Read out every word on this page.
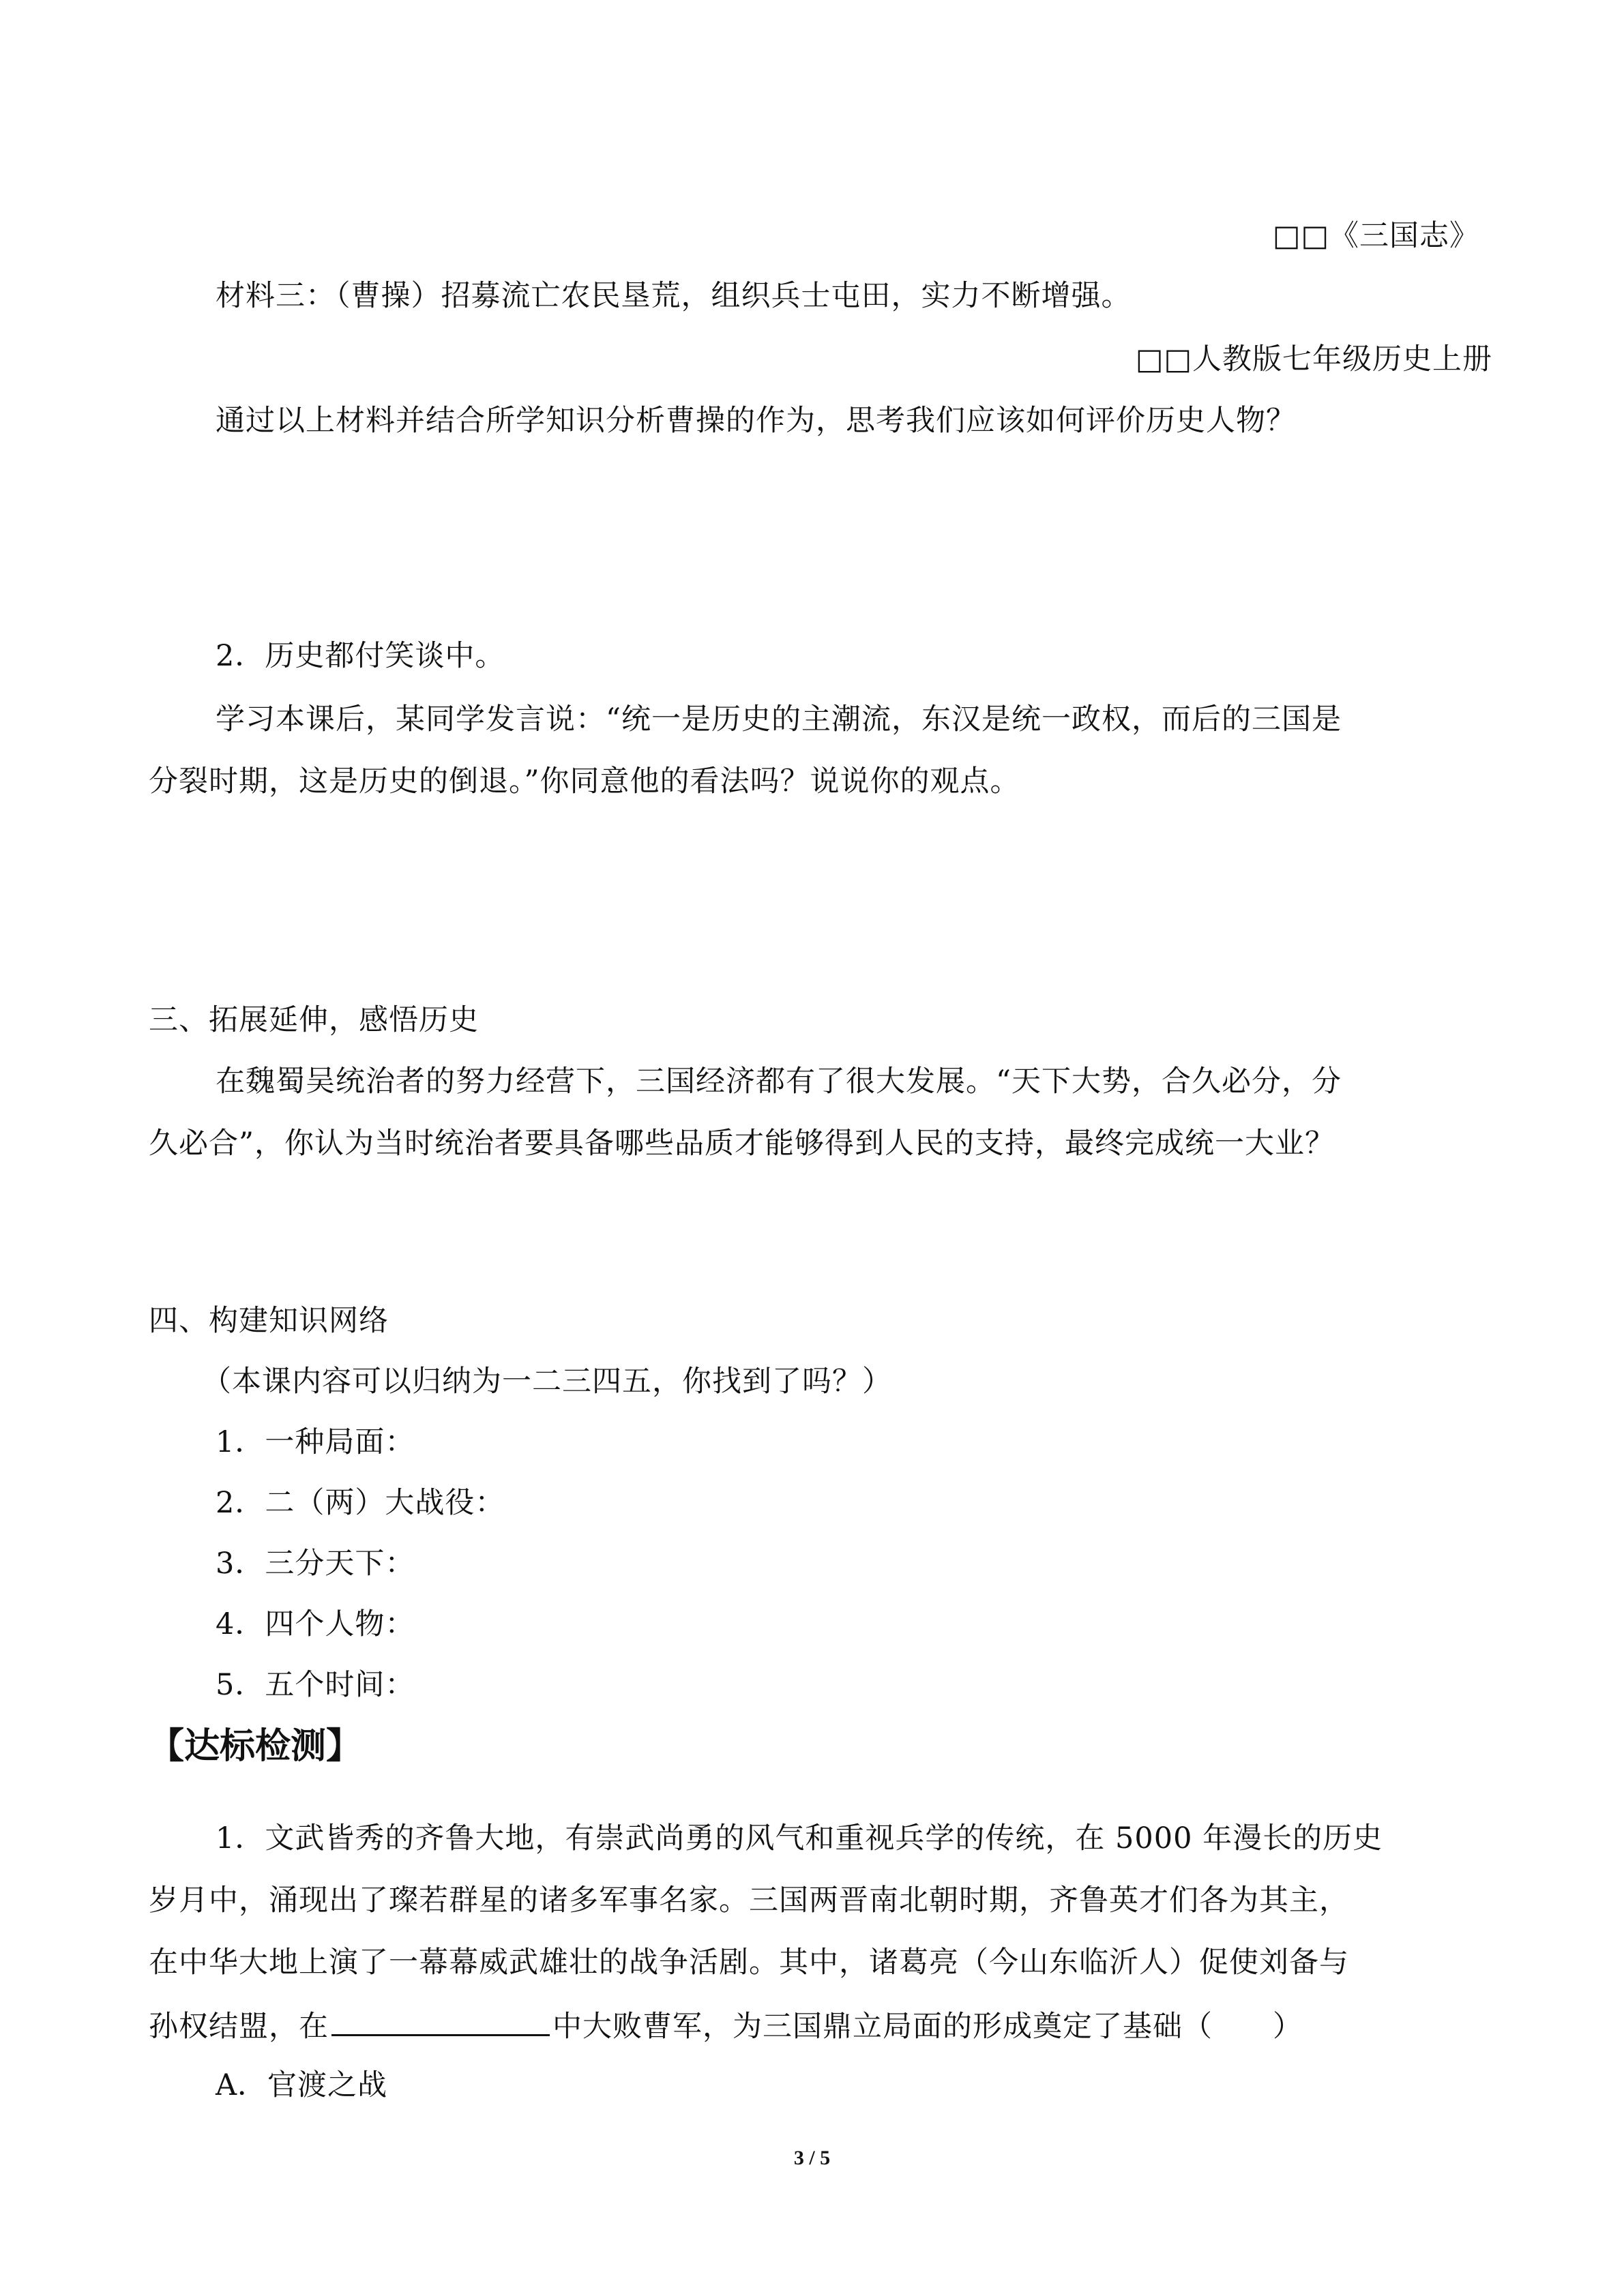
□□《三国志》
材料三：（曹操）招募流亡农民垦荒，组织兵士屯田，实力不断增强。
□□人教版七年级历史上册
通过以上材料并结合所学知识分析曹操的作为，思考我们应该如何评价历史人物？
2．历史都付笑谈中。
学习本课后，某同学发言说：“统一是历史的主潮流，东汉是统一政权，而后的三国是
分裂时期，这是历史的倒退。”你同意他的看法吗？说说你的观点。
三、拓展延伸，感悟历史
在魏蜀吴统治者的努力经营下，三国经济都有了很大发展。“天下大势，合久必分，分
久必合”，你认为当时统治者要具备哪些品质才能够得到人民的支持，最终完成统一大业？
四、构建知识网络
（本课内容可以归纳为一二三四五，你找到了吗？）
1．一种局面：
2．二（两）大战役：
3．三分天下：
4．四个人物：
5．五个时间：
【达标检测】
1．文武皆秀的齐鲁大地，有崇武尚勇的风气和重视兵学的传统，在 5000 年漫长的历史
岁月中，涌现出了璨若群星的诸多军事名家。三国两晋南北朝时期，齐鲁英才们各为其主，
在中华大地上演了一幕幕威武雄壮的战争活剧。其中，诸葛亮（今山东临沂人）促使刘备与
孙权结盟，在	中大败曹军，为三国鼎立局面的形成奠定了基础（　　）
A．官渡之战
3 / 5
